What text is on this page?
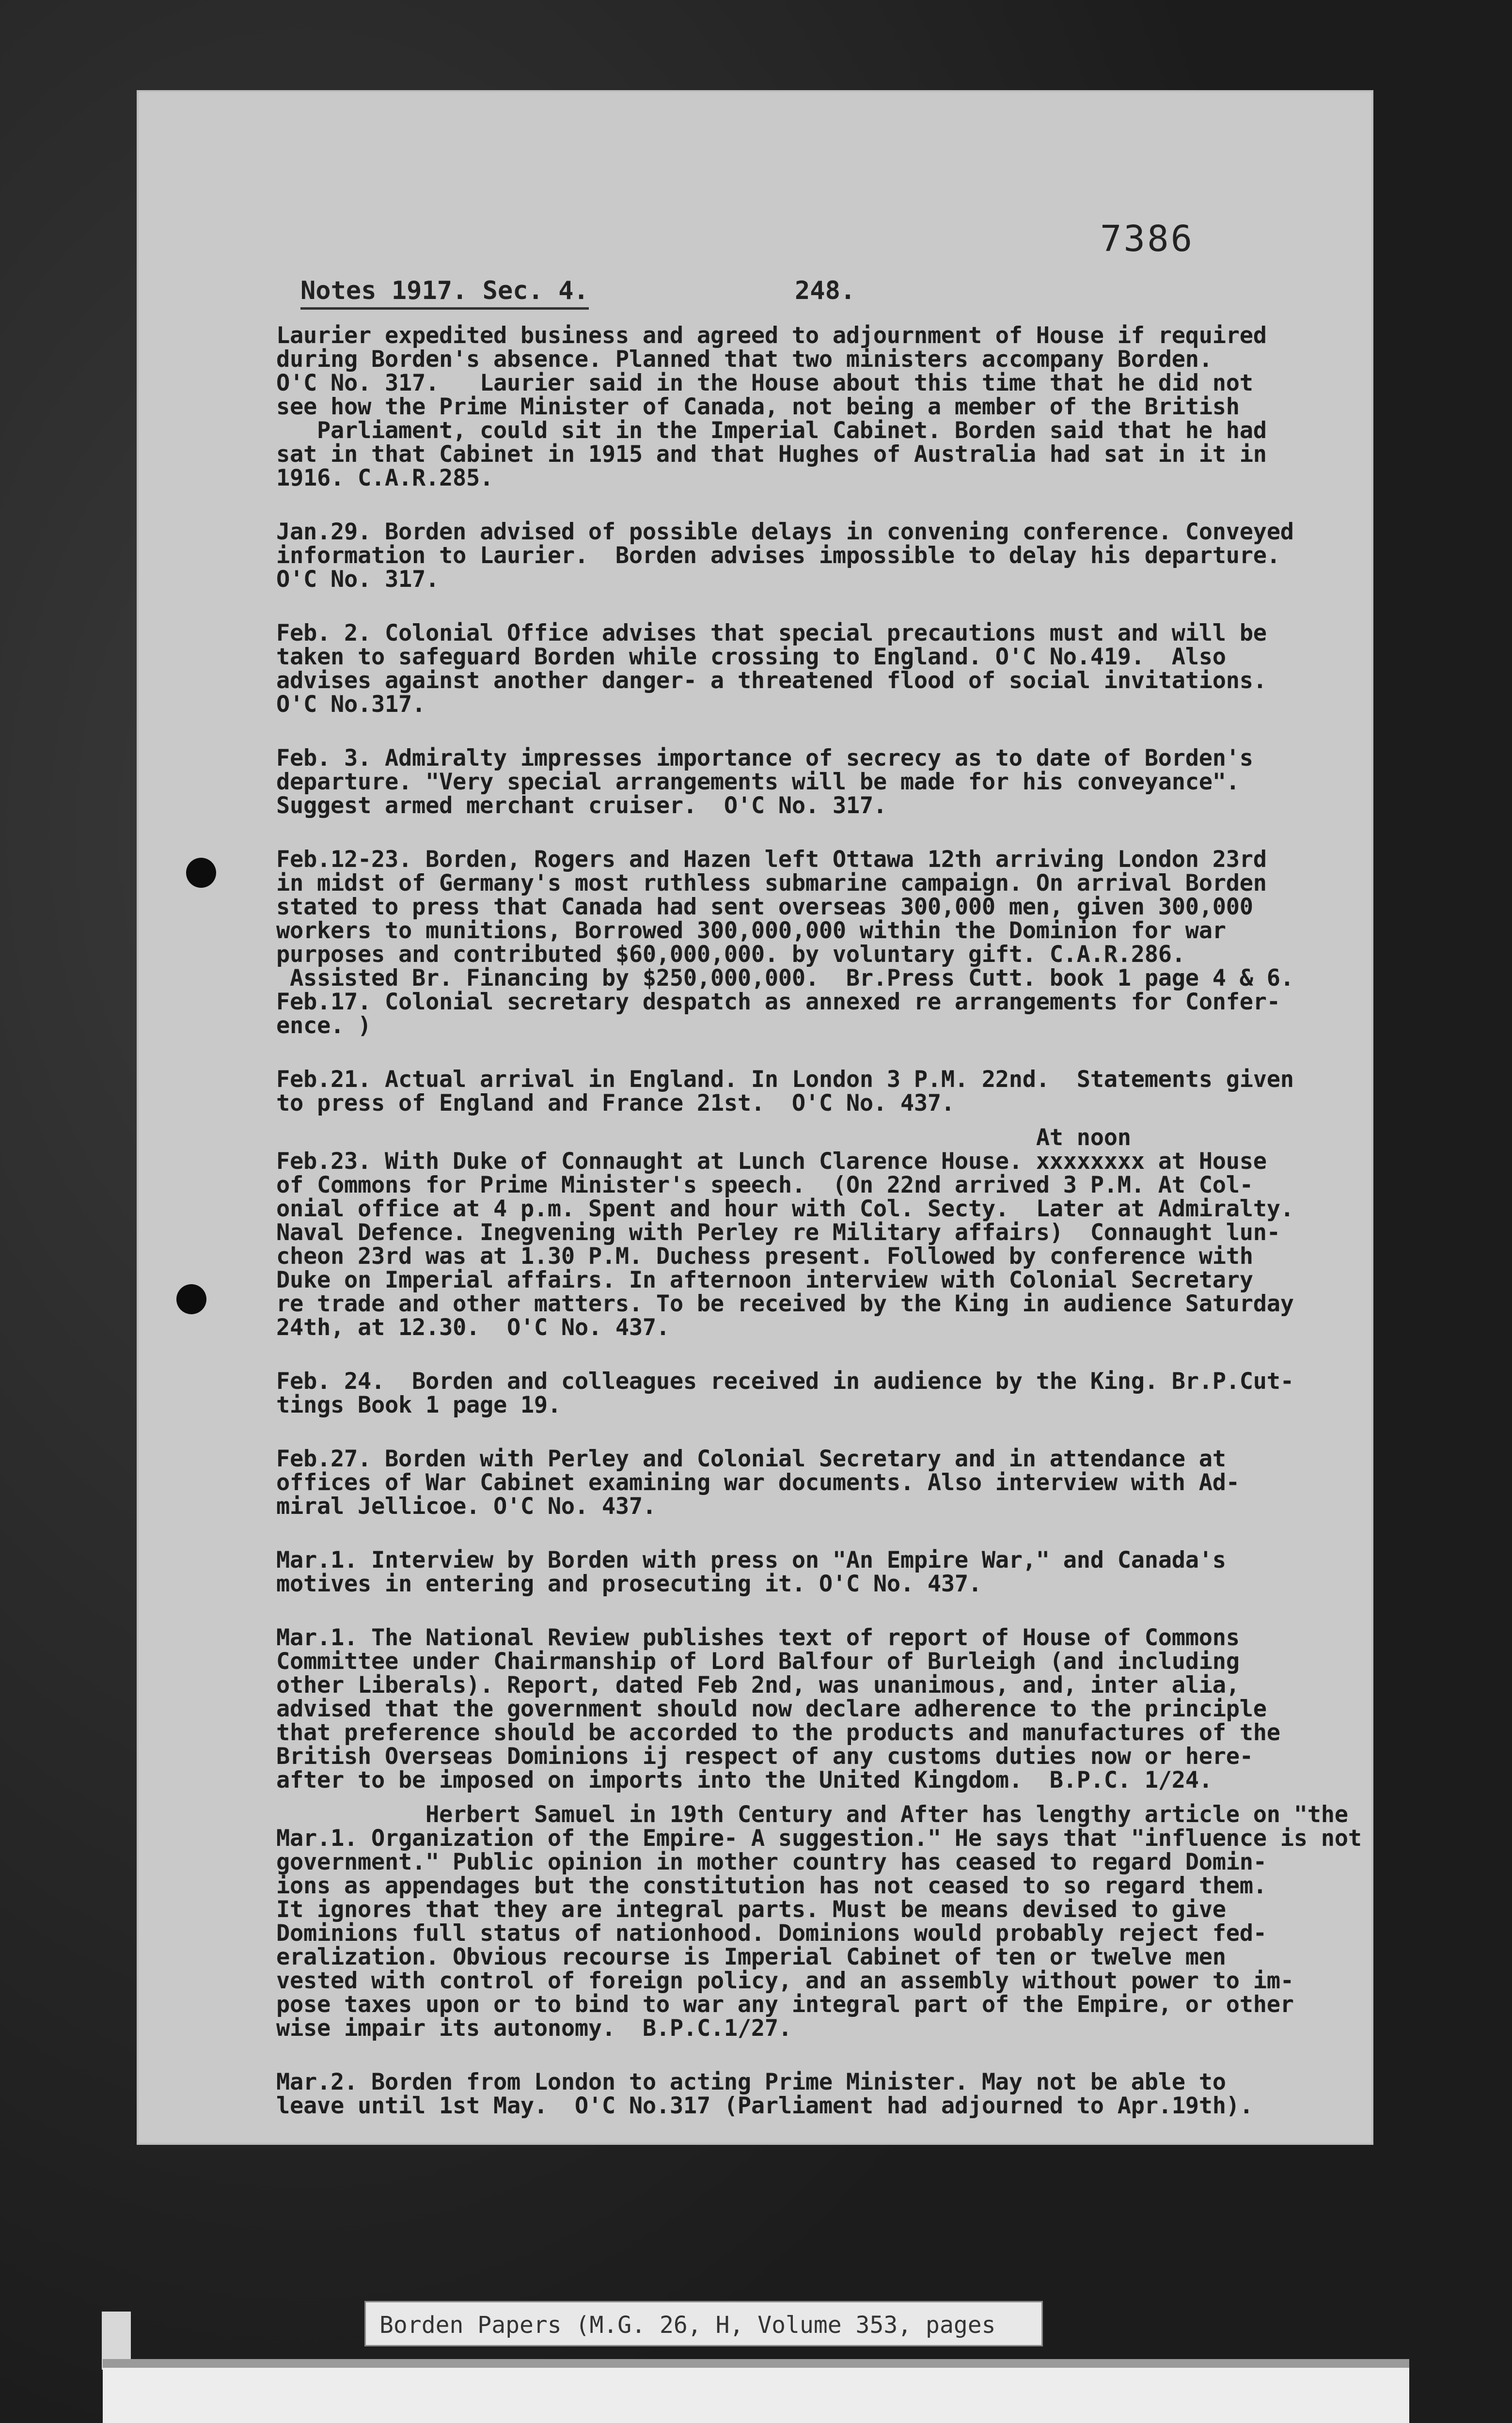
7386
Notes 1917. Sec. 4.	248.
Laurier expedited business and agreed to adjournment of House if required
during Borden's absence. Planned that two ministers accompany Borden.
O'C No. 317.   Laurier said in the House about this time that he did not
see how the Prime Minister of Canada, not being a member of the British
Parliament, could sit in the Imperial Cabinet. Borden said that he had
sat in that Cabinet in 1915 and that Hughes of Australia had sat in it in
1916. C.A.R.285.
Jan.29. Borden advised of possible delays in convening conference. Conveyed
information to Laurier.  Borden advises impossible to delay his departure.
O'C No. 317.
Feb. 2. Colonial Office advises that special precautions must and will be
taken to safeguard Borden while crossing to England. O'C No.419.  Also
advises against another danger- a threatened flood of social invitations.
O'C No.317.
Feb. 3. Admiralty impresses importance of secrecy as to date of Borden's
departure. "Very special arrangements will be made for his conveyance".
Suggest armed merchant cruiser.  O'C No. 317.
Feb.12-23. Borden, Rogers and Hazen left Ottawa 12th arriving London 23rd
in midst of Germany's most ruthless submarine campaign. On arrival Borden
stated to press that Canada had sent overseas 300,000 men, given 300,000
workers to munitions, Borrowed 300,000,000 within the Dominion for war
purposes and contributed $60,000,000. by voluntary gift. C.A.R.286.
Assisted Br. Financing by $250,000,000.  Br.Press Cutt. book 1 page 4 & 6.
Feb.17. Colonial secretary despatch as annexed re arrangements for Confer-
ence. )
Feb.21. Actual arrival in England. In London 3 P.M. 22nd.  Statements given
to press of England and France 21st.  O'C No. 437.
At noon
Feb.23. With Duke of Connaught at Lunch Clarence House. xxxxxxxx at House
of Commons for Prime Minister's speech.  (On 22nd arrived 3 P.M. At Col-
onial office at 4 p.m. Spent and hour with Col. Secty.  Later at Admiralty.
Naval Defence. Inegvening with Perley re Military affairs)  Connaught lun-
cheon 23rd was at 1.30 P.M. Duchess present. Followed by conference with
Duke on Imperial affairs. In afternoon interview with Colonial Secretary
re trade and other matters. To be received by the King in audience Saturday
24th, at 12.30.  O'C No. 437.
Feb. 24.  Borden and colleagues received in audience by the King. Br.P.Cut-
tings Book 1 page 19.
Feb.27. Borden with Perley and Colonial Secretary and in attendance at
offices of War Cabinet examining war documents. Also interview with Ad-
miral Jellicoe. O'C No. 437.
Mar.1. Interview by Borden with press on "An Empire War," and Canada's
motives in entering and prosecuting it. O'C No. 437.
Mar.1. The National Review publishes text of report of House of Commons
Committee under Chairmanship of Lord Balfour of Burleigh (and including
other Liberals). Report, dated Feb 2nd, was unanimous, and, inter alia,
advised that the government should now declare adherence to the principle
that preference should be accorded to the products and manufactures of the
British Overseas Dominions ij respect of any customs duties now or here-
after to be imposed on imports into the United Kingdom.  B.P.C. 1/24.
Herbert Samuel in 19th Century and After has lengthy article on "the
Mar.1. Organization of the Empire- A suggestion." He says that "influence is not
government." Public opinion in mother country has ceased to regard Domin-
ions as appendages but the constitution has not ceased to so regard them.
It ignores that they are integral parts. Must be means devised to give
Dominions full status of nationhood. Dominions would probably reject fed-
eralization. Obvious recourse is Imperial Cabinet of ten or twelve men
vested with control of foreign policy, and an assembly without power to im-
pose taxes upon or to bind to war any integral part of the Empire, or other
wise impair its autonomy.  B.P.C.1/27.
Mar.2. Borden from London to acting Prime Minister. May not be able to
leave until 1st May.  O'C No.317 (Parliament had adjourned to Apr.19th).
Borden Papers (M.G. 26, H, Volume 353, pages
